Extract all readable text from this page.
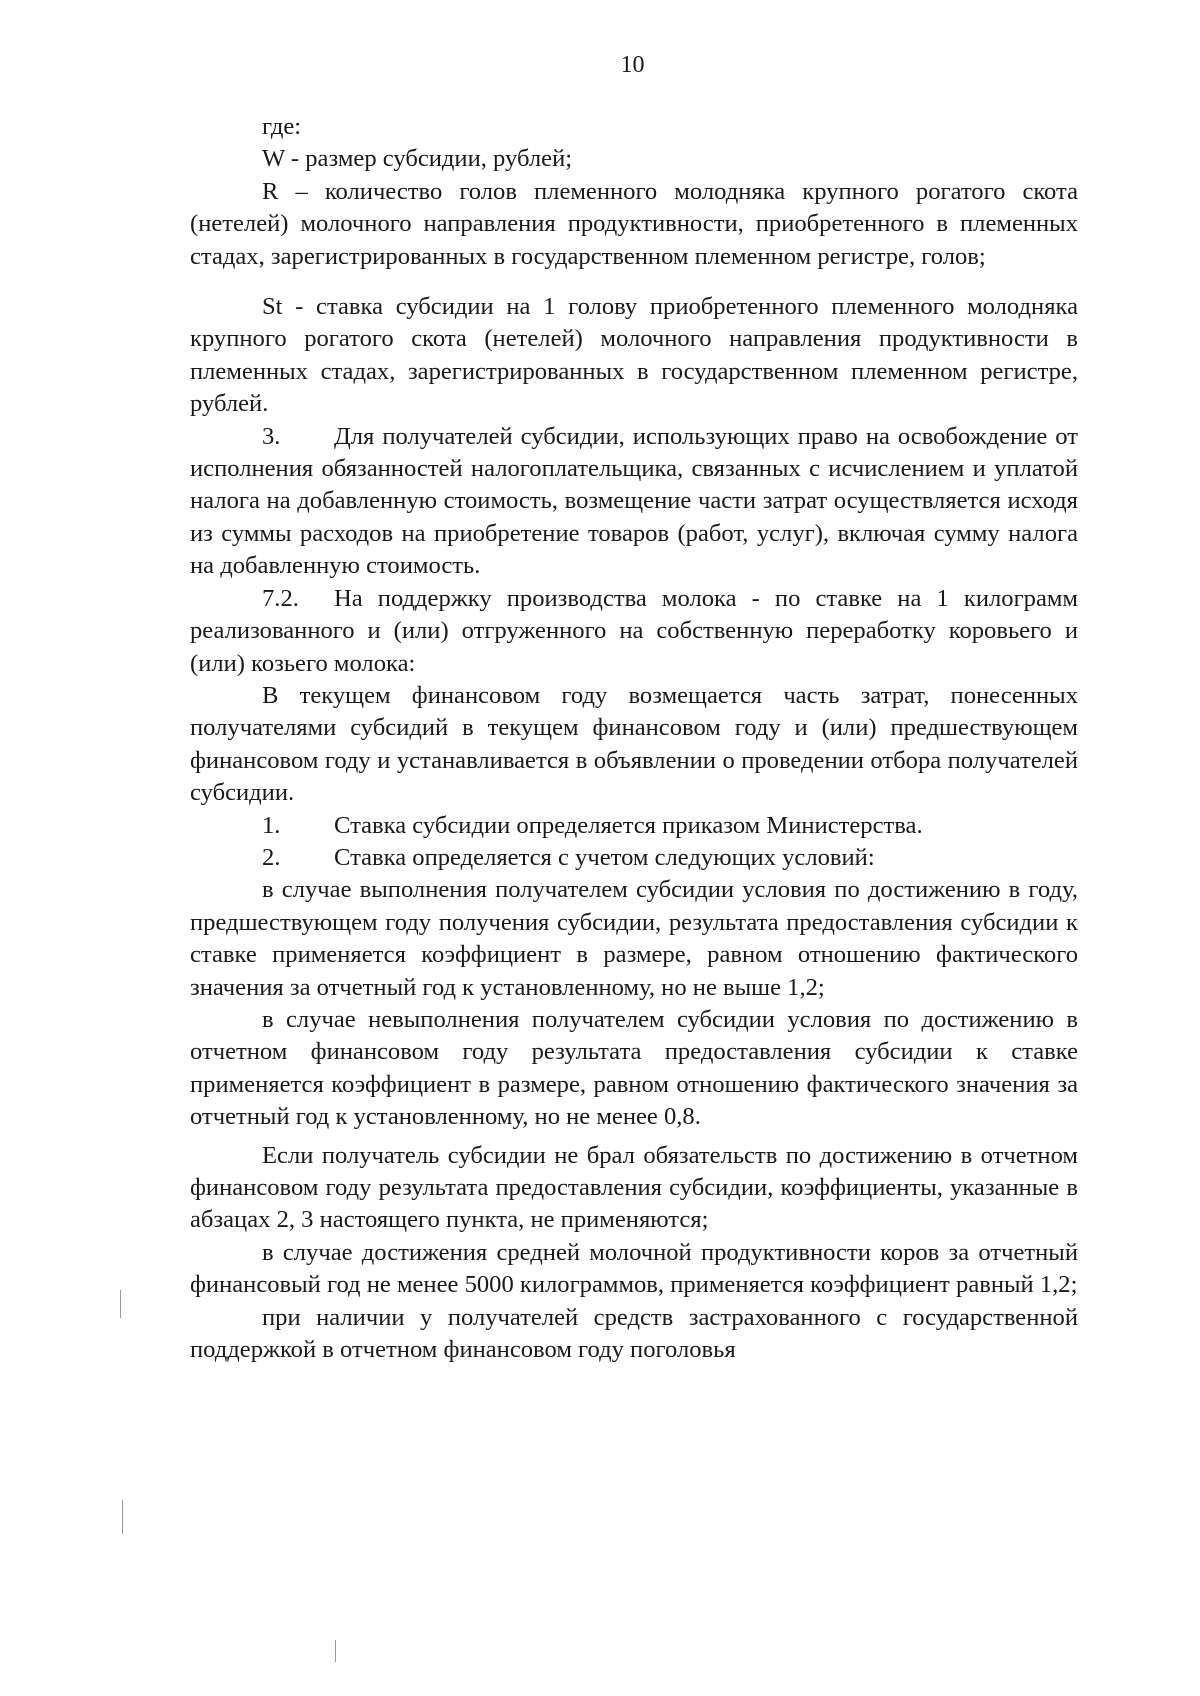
10

где:

W - размер субсидии, рублей;

R – количество голов племенного молодняка крупного рогатого скота (нетелей) молочного направления продуктивности, приобретенного в племенных стадах, зарегистрированных в государственном племенном регистре, голов;

St - ставка субсидии на 1 голову приобретенного племенного молодняка крупного рогатого скота (нетелей) молочного направления продуктивности в племенных стадах, зарегистрированных в государственном племенном регистре, рублей.

3. Для получателей субсидии, использующих право на освобождение от исполнения обязанностей налогоплательщика, связанных с исчислением и уплатой налога на добавленную стоимость, возмещение части затрат осуществляется исходя из суммы расходов на приобретение товаров (работ, услуг), включая сумму налога на добавленную стоимость.

7.2. На поддержку производства молока - по ставке на 1 килограмм реализованного и (или) отгруженного на собственную переработку коровьего и (или) козьего молока:

В текущем финансовом году возмещается часть затрат, понесенных получателями субсидий в текущем финансовом году и (или) предшествующем финансовом году и устанавливается в объявлении о проведении отбора получателей субсидии.

1. Ставка субсидии определяется приказом Министерства.

2. Ставка определяется с учетом следующих условий:

в случае выполнения получателем субсидии условия по достижению в году, предшествующем году получения субсидии, результата предоставления субсидии к ставке применяется коэффициент в размере, равном отношению фактического значения за отчетный год к установленному, но не выше 1,2;

в случае невыполнения получателем субсидии условия по достижению в отчетном финансовом году результата предоставления субсидии к ставке применяется коэффициент в размере, равном отношению фактического значения за отчетный год к установленному, но не менее 0,8.

Если получатель субсидии не брал обязательств по достижению в отчетном финансовом году результата предоставления субсидии, коэффициенты, указанные в абзацах 2, 3 настоящего пункта, не применяются;

в случае достижения средней молочной продуктивности коров за отчетный финансовый год не менее 5000 килограммов, применяется коэффициент равный 1,2;

при наличии у получателей средств застрахованного с государственной поддержкой в отчетном финансовом году поголовья
